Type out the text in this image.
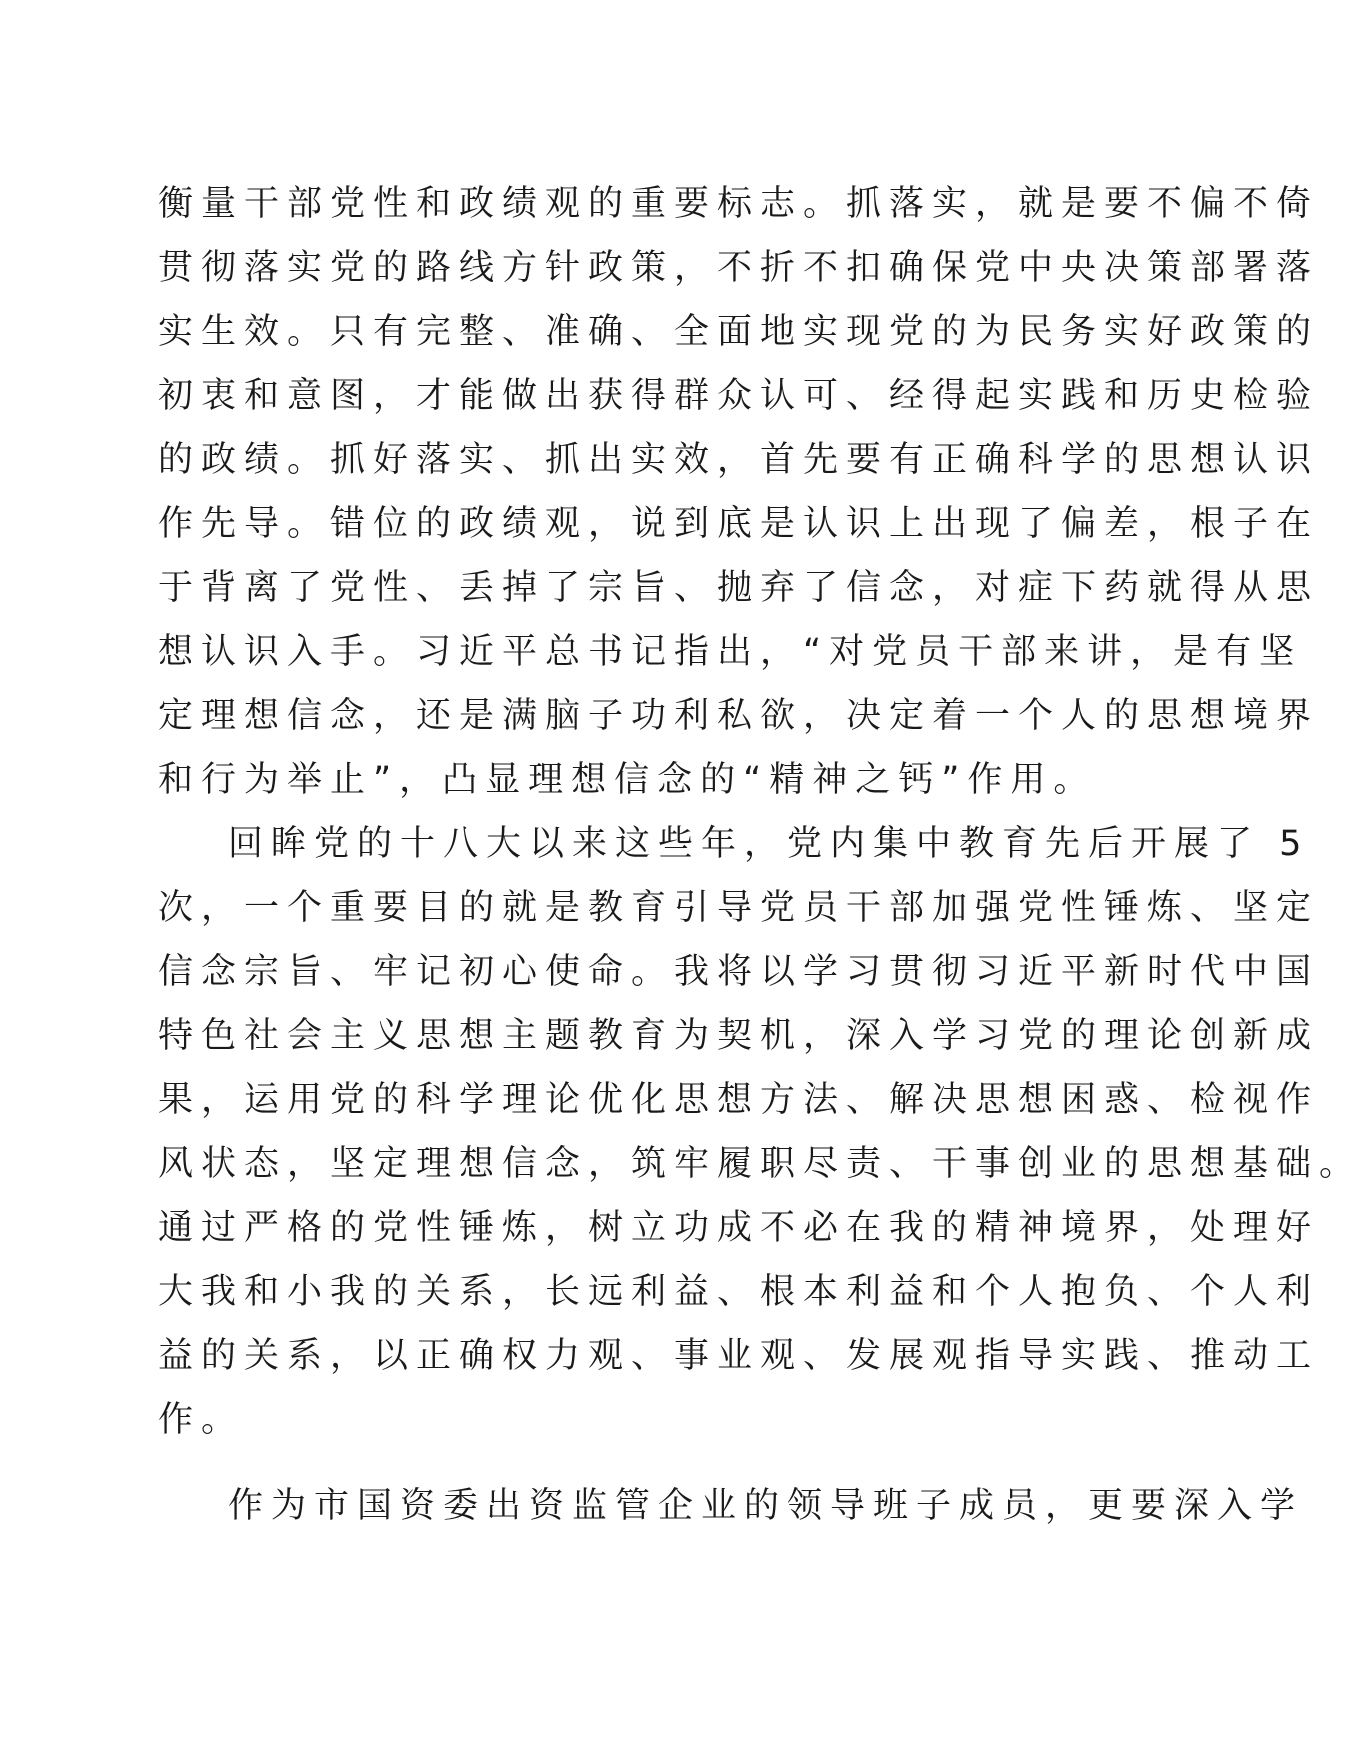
衡量干部党性和政绩观的重要标志。抓落实，就是要不偏不倚
贯彻落实党的路线方针政策，不折不扣确保党中央决策部署落
实生效。只有完整、准确、全面地实现党的为民务实好政策的
初衷和意图，才能做出获得群众认可、经得起实践和历史检验
的政绩。抓好落实、抓出实效，首先要有正确科学的思想认识
作先导。错位的政绩观，说到底是认识上出现了偏差，根子在
于背离了党性、丢掉了宗旨、抛弃了信念，对症下药就得从思
想认识入手。习近平总书记指出，“对党员干部来讲，是有坚
定理想信念，还是满脑子功利私欲，决定着一个人的思想境界
和行为举止”，凸显理想信念的“精神之钙”作用。
回眸党的十八大以来这些年，党内集中教育先后开展了 5
次，一个重要目的就是教育引导党员干部加强党性锤炼、坚定
信念宗旨、牢记初心使命。我将以学习贯彻习近平新时代中国
特色社会主义思想主题教育为契机，深入学习党的理论创新成
果，运用党的科学理论优化思想方法、解决思想困惑、检视作
风状态，坚定理想信念，筑牢履职尽责、干事创业的思想基础。
通过严格的党性锤炼，树立功成不必在我的精神境界，处理好
大我和小我的关系，长远利益、根本利益和个人抱负、个人利
益的关系，以正确权力观、事业观、发展观指导实践、推动工
作。
作为市国资委出资监管企业的领导班子成员，更要深入学
